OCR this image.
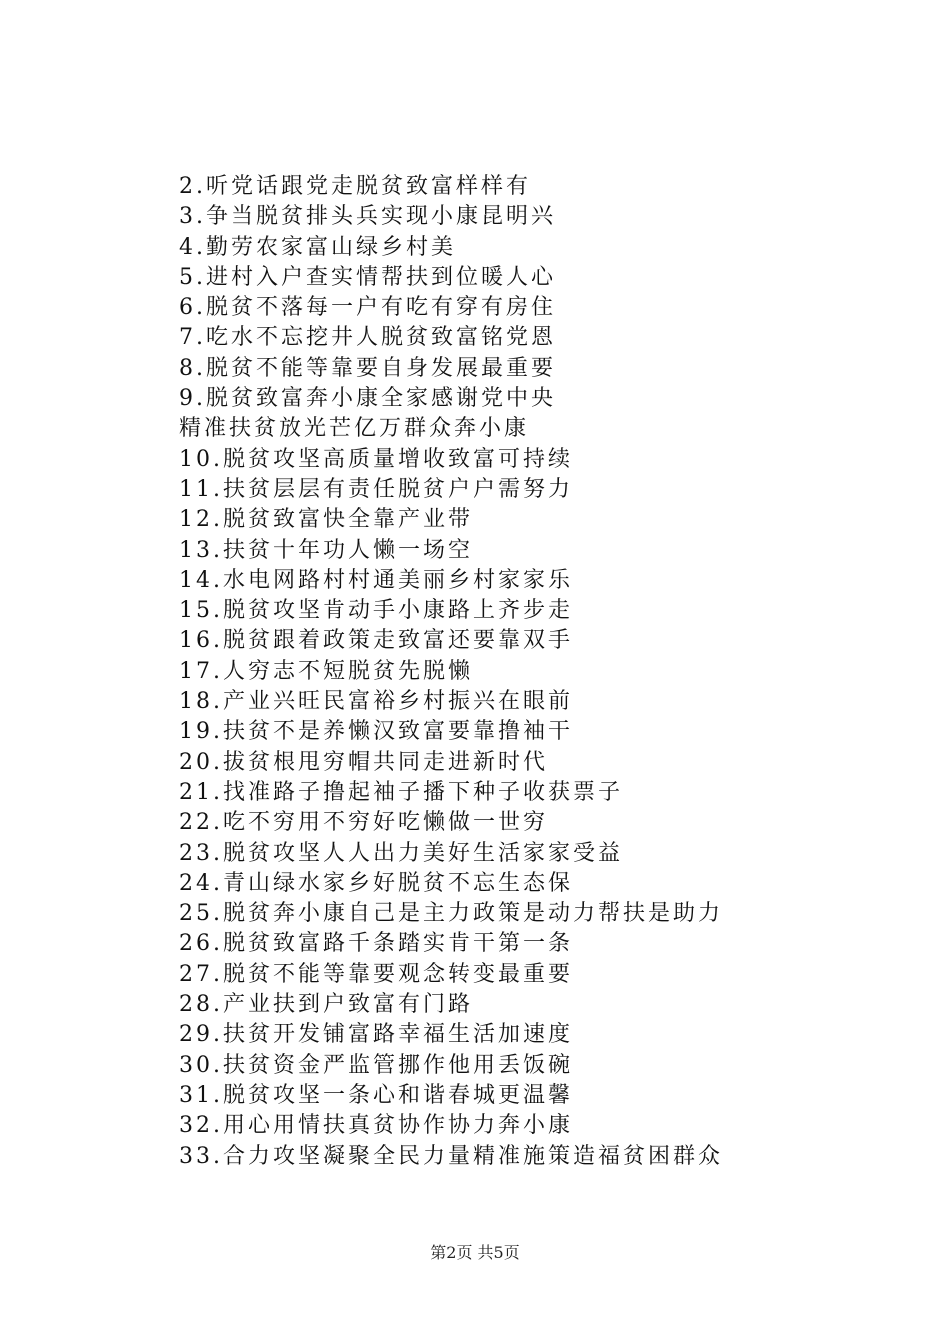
2.听党话跟党走脱贫致富样样有
3.争当脱贫排头兵实现小康昆明兴
4.勤劳农家富山绿乡村美
5.进村入户查实情帮扶到位暖人心
6.脱贫不落每一户有吃有穿有房住
7.吃水不忘挖井人脱贫致富铭党恩
8.脱贫不能等靠要自身发展最重要
9.脱贫致富奔小康全家感谢党中央
精准扶贫放光芒亿万群众奔小康
10.脱贫攻坚高质量增收致富可持续
11.扶贫层层有责任脱贫户户需努力
12.脱贫致富快全靠产业带
13.扶贫十年功人懒一场空
14.水电网路村村通美丽乡村家家乐
15.脱贫攻坚肯动手小康路上齐步走
16.脱贫跟着政策走致富还要靠双手
17.人穷志不短脱贫先脱懒
18.产业兴旺民富裕乡村振兴在眼前
19.扶贫不是养懒汉致富要靠撸袖干
20.拔贫根甩穷帽共同走进新时代
21.找准路子撸起袖子播下种子收获票子
22.吃不穷用不穷好吃懒做一世穷
23.脱贫攻坚人人出力美好生活家家受益
24.青山绿水家乡好脱贫不忘生态保
25.脱贫奔小康自己是主力政策是动力帮扶是助力
26.脱贫致富路千条踏实肯干第一条
27.脱贫不能等靠要观念转变最重要
28.产业扶到户致富有门路
29.扶贫开发铺富路幸福生活加速度
30.扶贫资金严监管挪作他用丢饭碗
31.脱贫攻坚一条心和谐春城更温馨
32.用心用情扶真贫协作协力奔小康
33.合力攻坚凝聚全民力量精准施策造福贫困群众
第2页 共5页
